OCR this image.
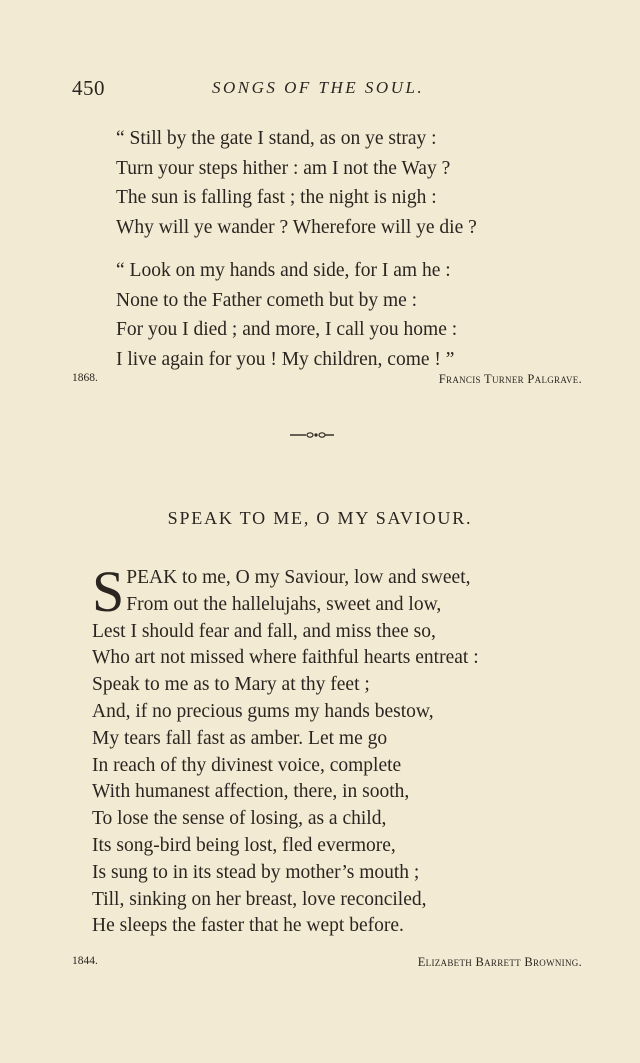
450	SONGS OF THE SOUL.
“ Still by the gate I stand, as on ye stray :
Turn your steps hither : am I not the Way ?
The sun is falling fast ; the night is nigh :
Why will ye wander ? Wherefore will ye die ?
“ Look on my hands and side, for I am he :
None to the Father cometh but by me :
For you I died ; and more, I call you home :
I live again for you ! My children, come ! ”
1868.	Francis Turner Palgrave.
SPEAK TO ME, O MY SAVIOUR.
S PEAK to me, O my Saviour, low and sweet,
From out the hallelujahs, sweet and low,
Lest I should fear and fall, and miss thee so,
Who art not missed where faithful hearts entreat :
Speak to me as to Mary at thy feet ;
And, if no precious gums my hands bestow,
My tears fall fast as amber. Let me go
In reach of thy divinest voice, complete
With humanest affection, there, in sooth,
To lose the sense of losing, as a child,
Its song-bird being lost, fled evermore,
Is sung to in its stead by mother’s mouth ;
Till, sinking on her breast, love reconciled,
He sleeps the faster that he wept before.
1844.	Elizabeth Barrett Browning.
